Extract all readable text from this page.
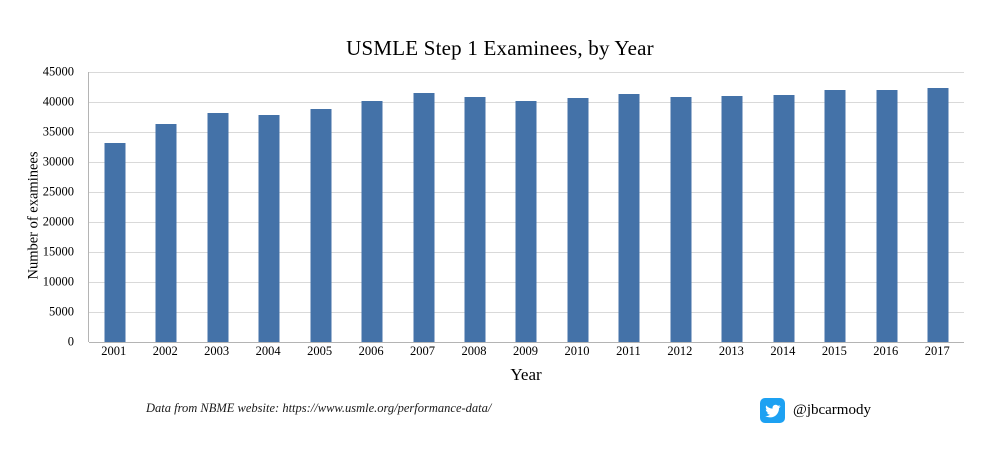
USMLE Step 1 Examinees, by Year
Number of examinees
0
5000
10000
15000
20000
25000
30000
35000
40000
45000
2001 2002 2003 2004 2005 2006 2007 2008 2009 2010 2011 2012 2013 2014 2015 2016 2017
Year
Data from NBME website: https://www.usmle.org/performance-data/	@jbcarmody
